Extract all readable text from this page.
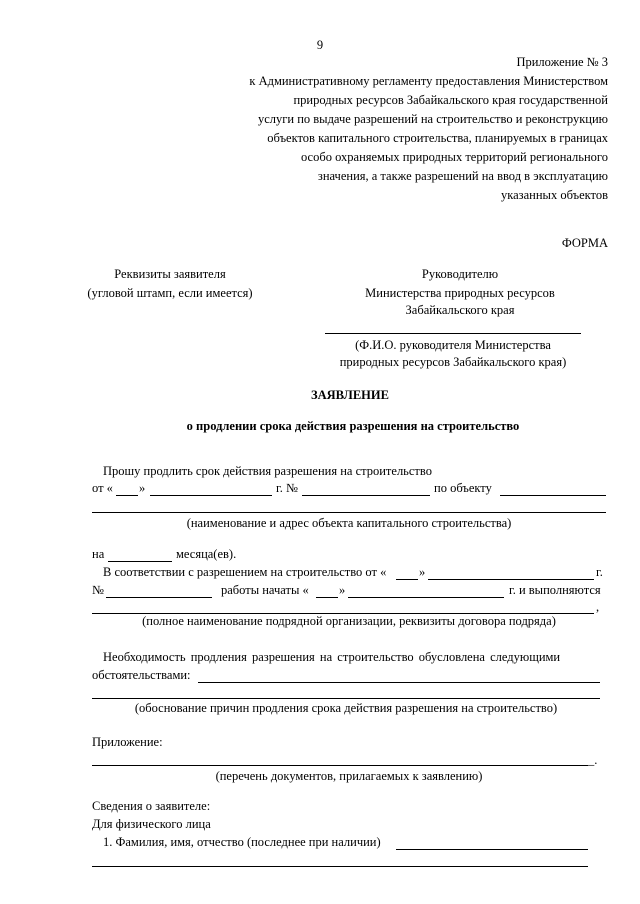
9
Приложение № 3
к Административному регламенту предоставления Министерством
природных ресурсов Забайкальского края государственной
услуги по выдаче разрешений на строительство и реконструкцию
объектов капитального строительства, планируемых в границах
особо охраняемых природных территорий регионального
значения, а также разрешений на ввод в эксплуатацию
указанных объектов
ФОРМА
Реквизиты заявителя
(угловой штамп, если имеется)
Руководителю
Министерства природных ресурсов
Забайкальского края
(Ф.И.О. руководителя Министерства
природных ресурсов Забайкальского края)
ЗАЯВЛЕНИЕ
о продлении срока действия разрешения на строительство
Прошу продлить срок действия разрешения на строительство
от « »	г. №	по объекту
(наименование и адрес объекта капитального строительства)
на	месяца(ев).
В соответствии с разрешением на строительство от «	»	г.
№	работы начаты « »	г. и выполняются
,
(полное наименование подрядной организации, реквизиты договора подряда)
Необходимость продления разрешения на строительство обусловлена следующими
обстоятельствами:
(обоснование причин продления срока действия разрешения на строительство)
Приложение:
_.
(перечень документов, прилагаемых к заявлению)
Сведения о заявителе:
Для физического лица
1. Фамилия, имя, отчество (последнее при наличии)
